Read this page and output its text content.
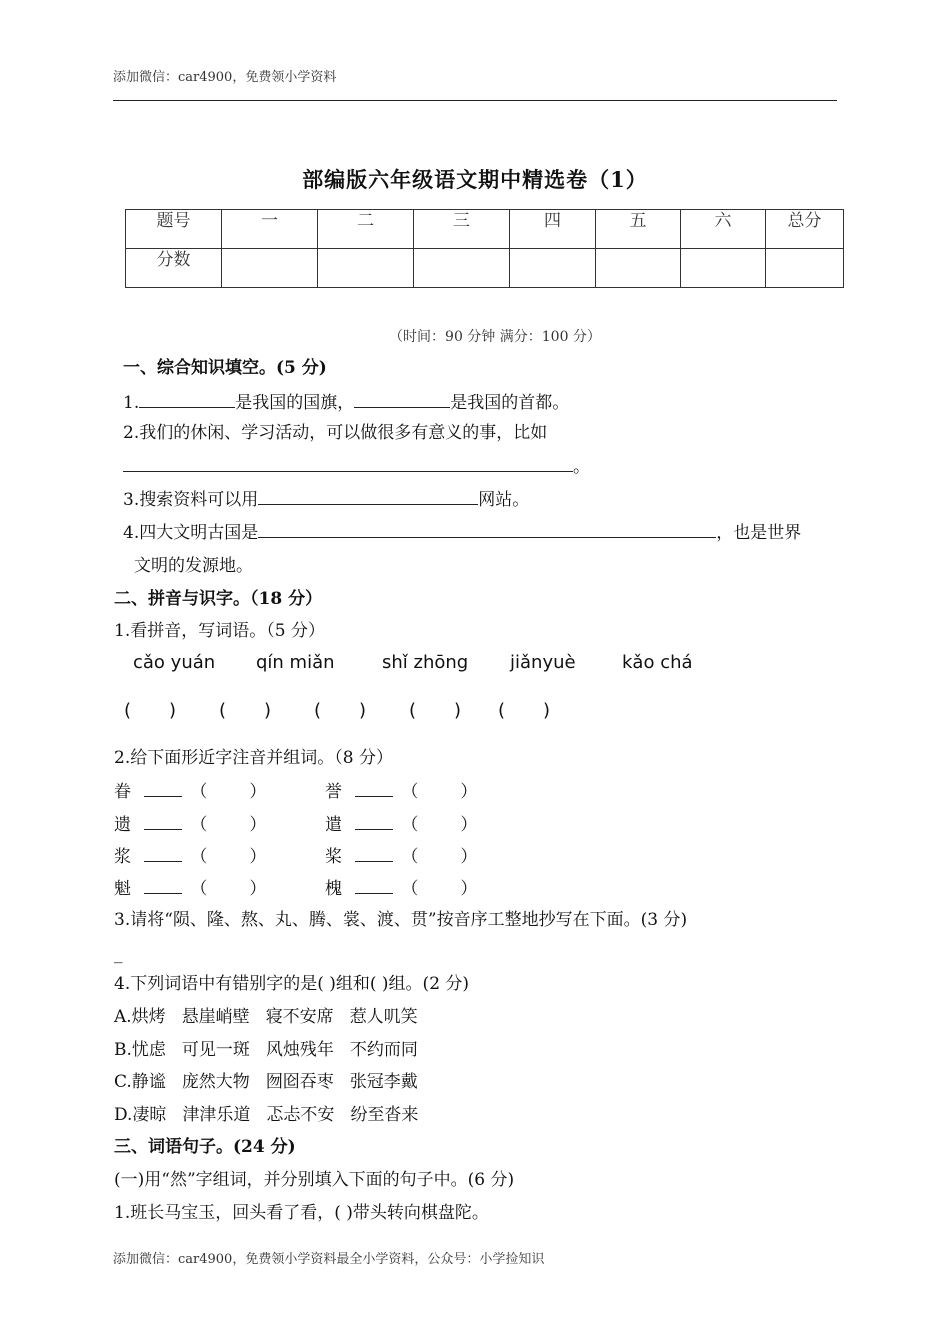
添加微信：car4900，免费领小学资料
部编版六年级语文期中精选卷（1）
题号	一	二	三	四	五	六	总分
分数							
（时间：90 分钟 满分：100 分）
一、综合知识填空。(5 分)
1.	是我国的国旗，	是我国的首都。
2.我们的休闲、学习活动，可以做很多有意义的事，比如
。
3.搜索资料可以用	网站。
4.四大文明古国是	，也是世界
文明的发源地。
二、拼音与识字。（18 分）
1.看拼音，写词语。（5 分）
cǎo yuán qín miǎn	shǐ zhōng jiǎnyuè	kǎo chá
( ) ( ) ( ) ( ) ( )
2.给下面形近字注音并组词。（8 分）
眷	（ ）	誉	（ ）
遗	（ ）	遣	（ ）
浆	（ ）	桨	（ ）
魁	（ ）	槐	（ ）
3.请将“陨、隆、熬、丸、腾、裳、渡、贯”按音序工整地抄写在下面。(3 分)
_
4.下列词语中有错别字的是( )组和( )组。(2 分)
A.烘烤 悬崖峭壁 寝不安席 惹人叽笑
B.忧虑 可见一斑 风烛残年 不约而同
C.静谧 庞然大物 囫囵吞枣 张冠李戴
D.凄晾 津津乐道 忑忐不安 纷至沓来
三、词语句子。(24 分)
(一)用“然”字组词，并分别填入下面的句子中。(6 分)
1.班长马宝玉，回头看了看，( )带头转向棋盘陀。
添加微信：car4900，免费领小学资料最全小学资料，公众号：小学捡知识
